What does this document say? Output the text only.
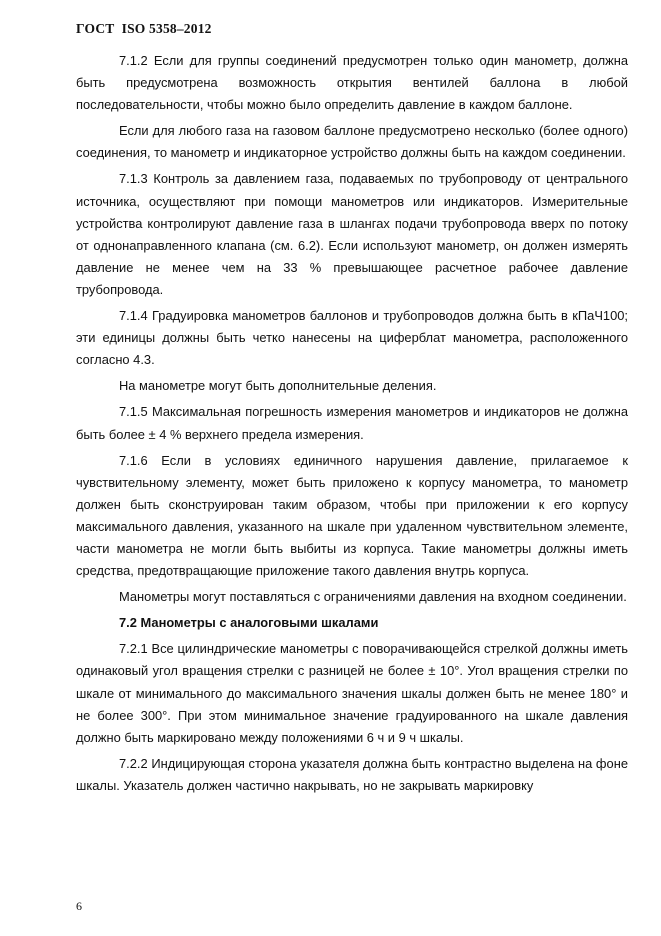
ГОСТ  ISO 5358–2012

7.1.2 Если для группы соединений предусмотрен только один манометр, должна быть предусмотрена возможность открытия вентилей баллона в любой последовательности, чтобы можно было определить давление в каждом баллоне.

Если для любого газа на газовом баллоне предусмотрено несколько (более одного) соединения, то манометр и индикаторное устройство должны быть на каждом соединении.

7.1.3 Контроль за давлением газа, подаваемых по трубопроводу от центрального источника, осуществляют при помощи манометров или индикаторов. Измерительные устройства контролируют давление газа в шлангах подачи трубопровода вверх по потоку от однонаправленного клапана (см. 6.2). Если используют манометр, он должен измерять давление не менее чем на 33 % превышающее расчетное рабочее давление трубопровода.

7.1.4 Градуировка манометров баллонов и трубопроводов должна быть в кПаЧ100; эти единицы должны быть четко нанесены на циферблат манометра, расположенного согласно 4.3.

На манометре могут быть дополнительные деления.

7.1.5 Максимальная погрешность измерения манометров и индикаторов не должна быть более ± 4 % верхнего предела измерения.

7.1.6 Если в условиях единичного нарушения давление, прилагаемое к чувствительному элементу, может быть приложено к корпусу манометра, то манометр должен быть сконструирован таким образом, чтобы при приложении к его корпусу максимального давления, указанного на шкале при удаленном чувствительном элементе, части манометра не могли быть выбиты из корпуса. Такие манометры должны иметь средства, предотвращающие приложение такого давления внутрь корпуса.

Манометры могут поставляться с ограничениями давления на входном соединении.

7.2 Манометры с аналоговыми шкалами

7.2.1 Все цилиндрические манометры с поворачивающейся стрелкой должны иметь одинаковый угол вращения стрелки с разницей не более ± 10°. Угол вращения стрелки по шкале от минимального до максимального значения шкалы должен быть не менее 180° и не более 300°. При этом минимальное значение градуированного на шкале давления должно быть маркировано между положениями 6 ч и 9 ч шкалы.

7.2.2 Индицирующая сторона указателя должна быть контрастно выделена на фоне шкалы. Указатель должен частично накрывать, но не закрывать маркировку

6
